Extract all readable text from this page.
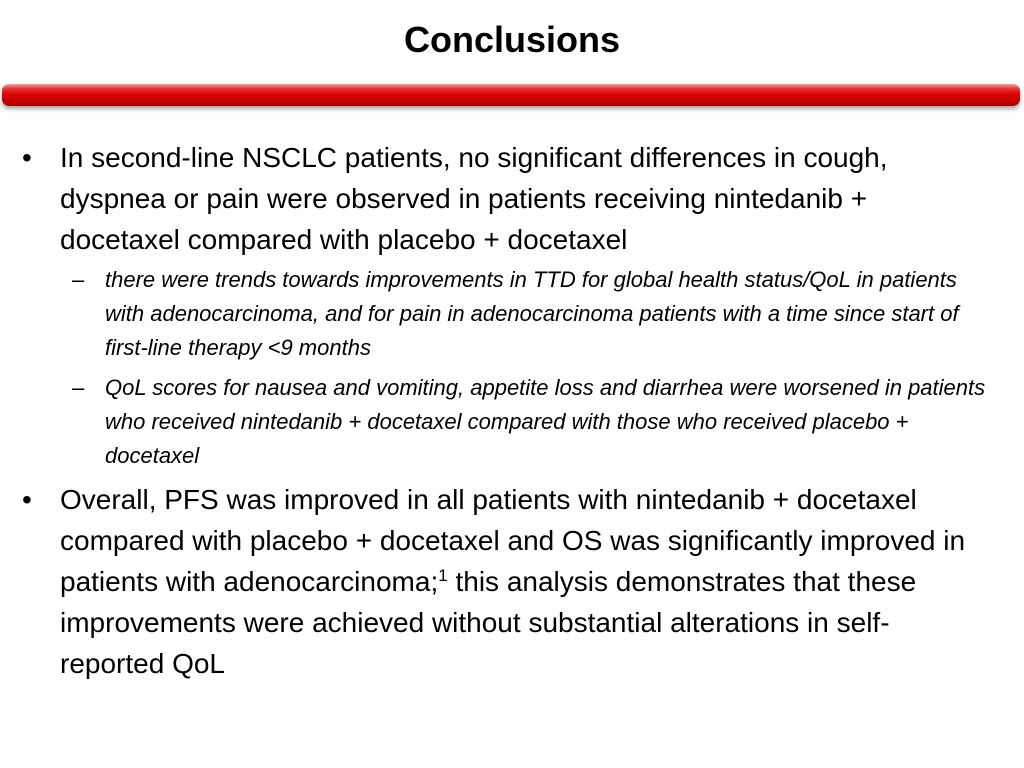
Conclusions
• In second-line NSCLC patients, no significant differences in cough, dyspnea or pain were observed in patients receiving nintedanib + docetaxel compared with placebo + docetaxel
– there were trends towards improvements in TTD for global health status/QoL in patients with adenocarcinoma, and for pain in adenocarcinoma patients with a time since start of first-line therapy <9 months
– QoL scores for nausea and vomiting, appetite loss and diarrhea were worsened in patients who received nintedanib + docetaxel compared with those who received placebo + docetaxel
• Overall, PFS was improved in all patients with nintedanib + docetaxel compared with placebo + docetaxel and OS was significantly improved in patients with adenocarcinoma;$^1$ this analysis demonstrates that these improvements were achieved without substantial alterations in self-reported QoL
